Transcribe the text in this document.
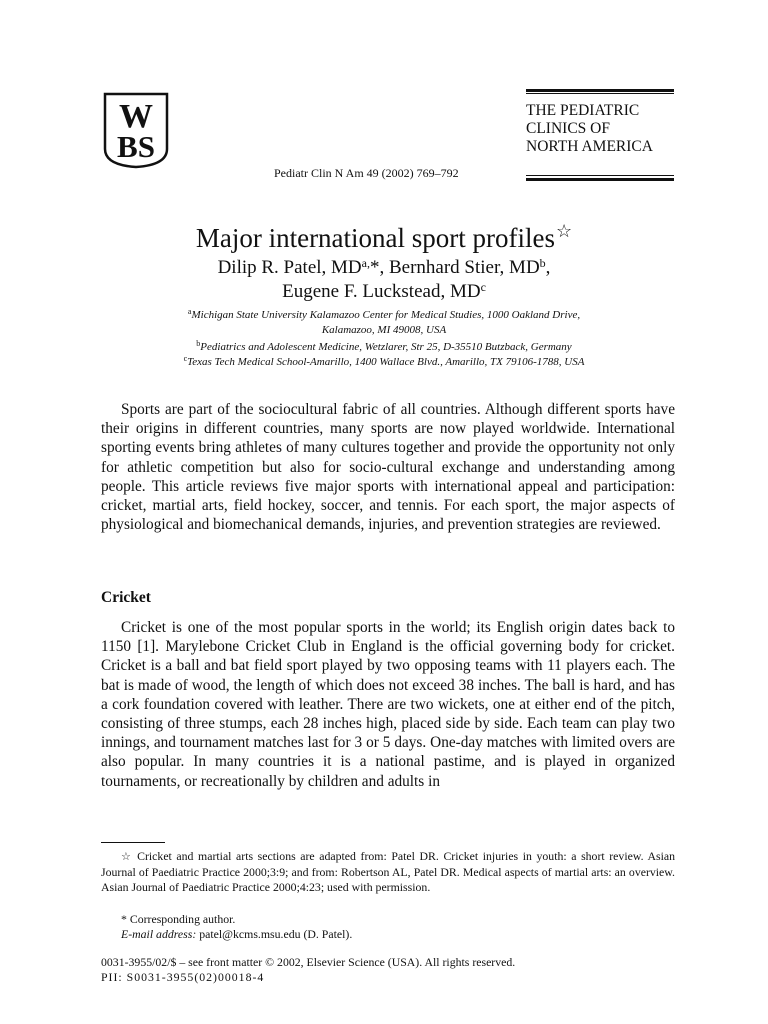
W
BS
THE PEDIATRIC
CLINICS OF
NORTH AMERICA
Pediatr Clin N Am 49 (2002) 769–792
Major international sport profiles☆
Dilip R. Patel, $MD^{a,}*$, Bernhard Stier, $MD^b$,
Eugene F. Luckstead, $MD^c$
$^a$Michigan State University Kalamazoo Center for Medical Studies, 1000 Oakland Drive,
Kalamazoo, MI 49008, USA
$^b$Pediatrics and Adolescent Medicine, Wetzlarer, Str 25, D-35510 Butzback, Germany
$^c$Texas Tech Medical School-Amarillo, 1400 Wallace Blvd., Amarillo, TX 79106-1788, USA

Sports are part of the sociocultural fabric of all countries. Although different sports have their origins in different countries, many sports are now played worldwide. International sporting events bring athletes of many cultures together and provide the opportunity not only for athletic competition but also for socio-cultural exchange and understanding among people. This article reviews five major sports with international appeal and participation: cricket, martial arts, field hockey, soccer, and tennis. For each sport, the major aspects of physiological and biomechanical demands, injuries, and prevention strategies are reviewed.

Cricket

Cricket is one of the most popular sports in the world; its English origin dates back to 1150 [1]. Marylebone Cricket Club in England is the official governing body for cricket. Cricket is a ball and bat field sport played by two opposing teams with 11 players each. The bat is made of wood, the length of which does not exceed 38 inches. The ball is hard, and has a cork foundation covered with leather. There are two wickets, one at either end of the pitch, consisting of three stumps, each 28 inches high, placed side by side. Each team can play two innings, and tournament matches last for 3 or 5 days. One-day matches with limited overs are also popular. In many countries it is a national pastime, and is played in organized tournaments, or recreationally by children and adults in

☆ Cricket and martial arts sections are adapted from: Patel DR. Cricket injuries in youth: a short review. Asian Journal of Paediatric Practice 2000;3:9; and from: Robertson AL, Patel DR. Medical aspects of martial arts: an overview. Asian Journal of Paediatric Practice 2000;4:23; used with permission.

* Corresponding author.

E-mail address: patel@kcms.msu.edu (D. Patel).

0031-3955/02/$ – see front matter © 2002, Elsevier Science (USA). All rights reserved.
PII: S0031-3955(02)00018-4
